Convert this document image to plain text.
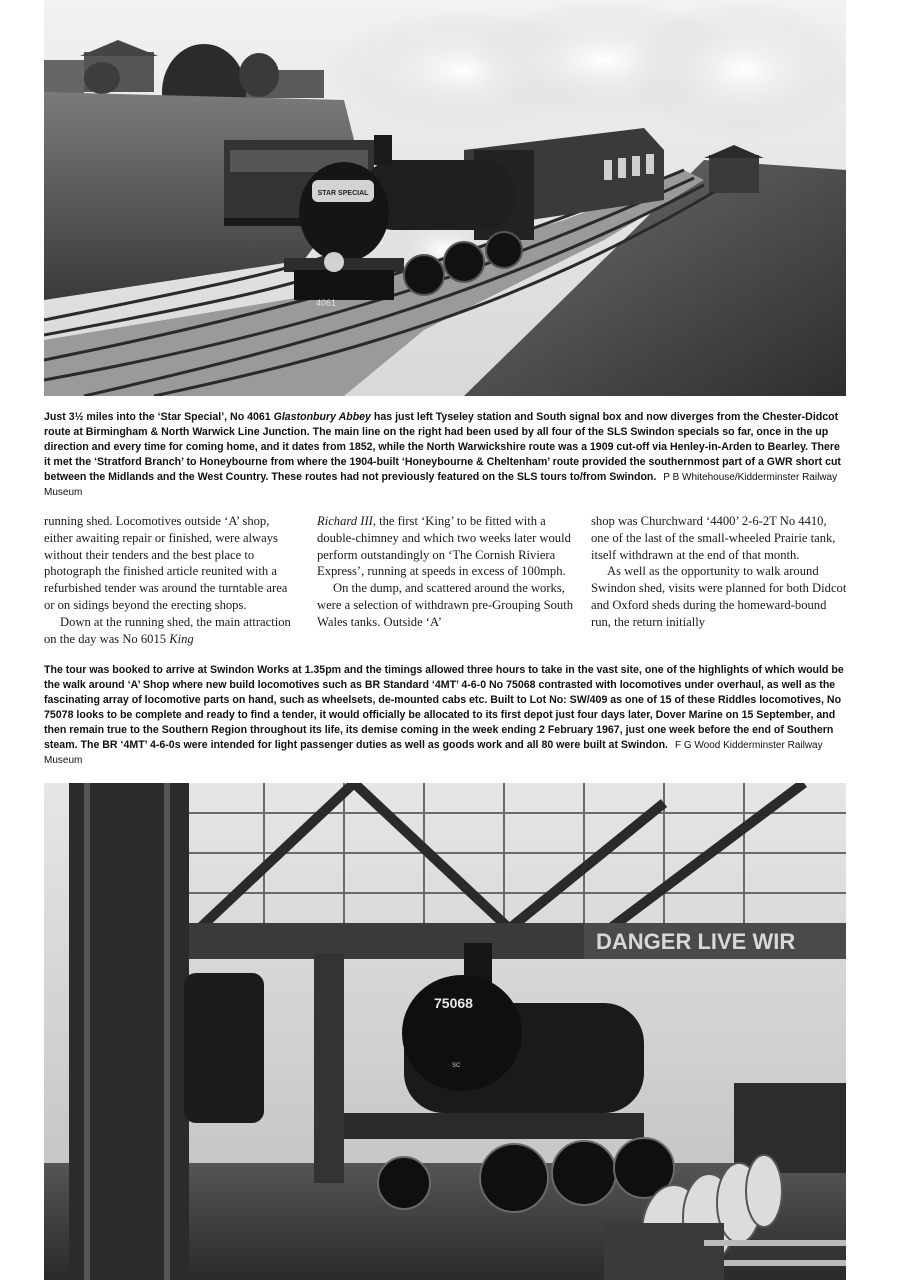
STAR SPECIAL
4061
Just 3½ miles into the ‘Star Special’, No 4061 Glastonbury Abbey has just left Tyseley station and South signal box and now diverges from the Chester-Didcot route at Birmingham & North Warwick Line Junction. The main line on the right had been used by all four of the SLS Swindon specials so far, once in the up direction and every time for coming home, and it dates from 1852, while the North Warwickshire route was a 1909 cut-off via Henley-in-Arden to Bearley. There it met the ‘Stratford Branch’ to Honeybourne from where the 1904-built ‘Honeybourne & Cheltenham’ route provided the southernmost part of a GWR short cut between the Midlands and the West Country. These routes had not previously featured on the SLS tours to/from Swindon. P B Whitehouse/Kidderminster Railway Museum

running shed. Locomotives outside ‘A’ shop, either awaiting repair or finished, were always without their tenders and the best place to photograph the finished article reunited with a refurbished tender was around the turntable area or on sidings beyond the erecting shops.

Down at the running shed, the main attraction on the day was No 6015 King

Richard III, the first ‘King’ to be fitted with a double-chimney and which two weeks later would perform outstandingly on ‘The Cornish Riviera Express’, running at speeds in excess of 100mph.

On the dump, and scattered around the works, were a selection of withdrawn pre-Grouping South Wales tanks. Outside ‘A’

shop was Churchward ‘4400’ 2-6-2T No 4410, one of the last of the small-wheeled Prairie tank, itself withdrawn at the end of that month.

As well as the opportunity to walk around Swindon shed, visits were planned for both Didcot and Oxford sheds during the homeward-bound run, the return initially

The tour was booked to arrive at Swindon Works at 1.35pm and the timings allowed three hours to take in the vast site, one of the highlights of which would be the walk around ‘A’ Shop where new build locomotives such as BR Standard ‘4MT’ 4-6-0 No 75068 contrasted with locomotives under overhaul, as well as the fascinating array of locomotive parts on hand, such as wheelsets, de-mounted cabs etc. Built to Lot No: SW/409 as one of 15 of these Riddles locomotives, No 75078 looks to be complete and ready to find a tender, it would officially be allocated to its first depot just four days later, Dover Marine on 15 September, and then remain true to the Southern Region throughout its life, its demise coming in the week ending 2 February 1967, just one week before the end of Southern steam. The BR ‘4MT’ 4-6-0s were intended for light passenger duties as well as goods work and all 80 were built at Swindon. F G Wood Kidderminster Railway Museum
DANGER LIVE WIR
75068
SC
